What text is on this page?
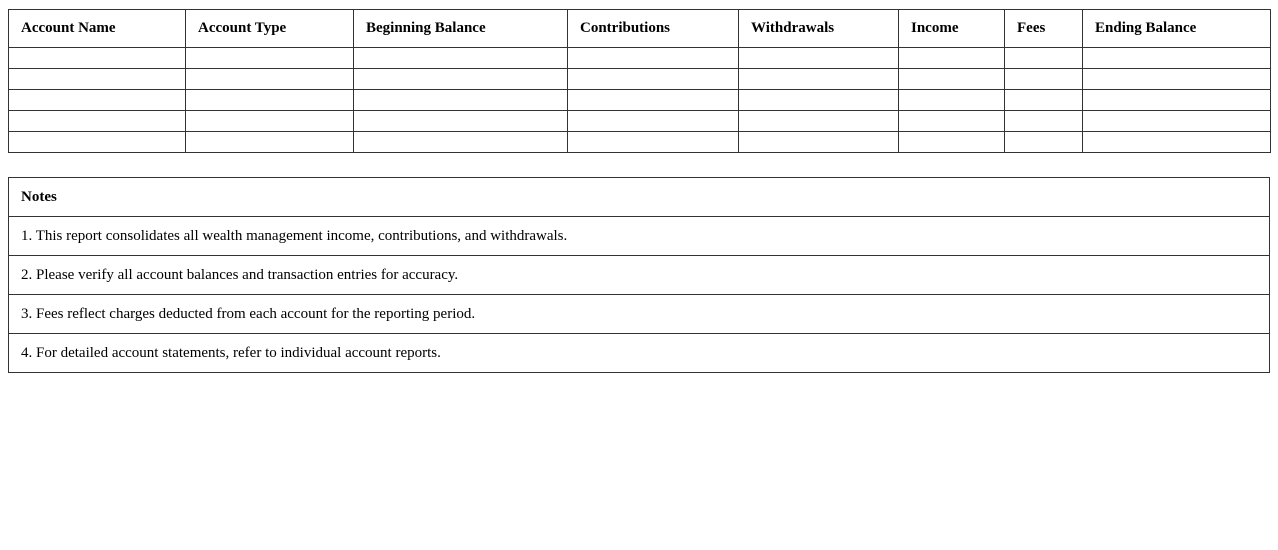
Account Name	Account Type	Beginning Balance	Contributions	Withdrawals	Income	Fees	Ending Balance

Notes
1. This report consolidates all wealth management income, contributions, and withdrawals.
2. Please verify all account balances and transaction entries for accuracy.
3. Fees reflect charges deducted from each account for the reporting period.
4. For detailed account statements, refer to individual account reports.
